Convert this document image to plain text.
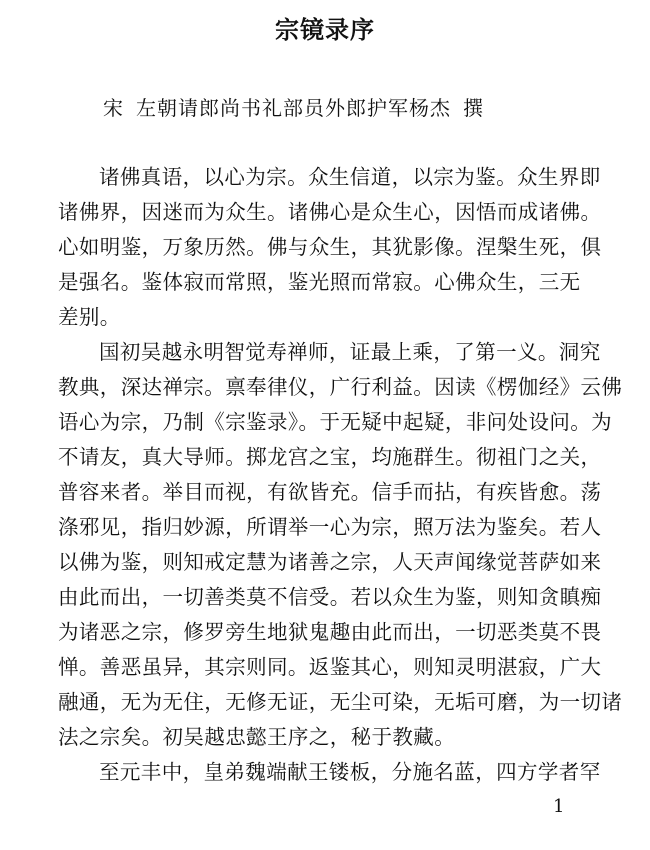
宗镜录序

宋 左朝请郎尚书礼部员外郎护军杨杰 撰

诸佛真语，以心为宗。众生信道，以宗为鉴。众生界即
诸佛界，因迷而为众生。诸佛心是众生心，因悟而成诸佛。
心如明鉴，万象历然。佛与众生，其犹影像。涅槃生死，俱
是强名。鉴体寂而常照，鉴光照而常寂。心佛众生，三无
差别。

国初吴越永明智觉寿禅师，证最上乘，了第一义。洞究
教典，深达禅宗。禀奉律仪，广行利益。因读《楞伽经》云佛
语心为宗，乃制《宗鉴录》。于无疑中起疑，非问处设问。为
不请友，真大导师。掷龙宫之宝，均施群生。彻祖门之关，
普容来者。举目而视，有欲皆充。信手而拈，有疾皆愈。荡
涤邪见，指归妙源，所谓举一心为宗，照万法为鉴矣。若人
以佛为鉴，则知戒定慧为诸善之宗，人天声闻缘觉菩萨如来
由此而出，一切善类莫不信受。若以众生为鉴，则知贪瞋痴
为诸恶之宗，修罗旁生地狱鬼趣由此而出，一切恶类莫不畏
惮。善恶虽异，其宗则同。返鉴其心，则知灵明湛寂，广大
融通，无为无住，无修无证，无尘可染，无垢可磨，为一切诸
法之宗矣。初吴越忠懿王序之，秘于教藏。

至元丰中，皇弟魏端献王镂板，分施名蓝，四方学者罕

1
